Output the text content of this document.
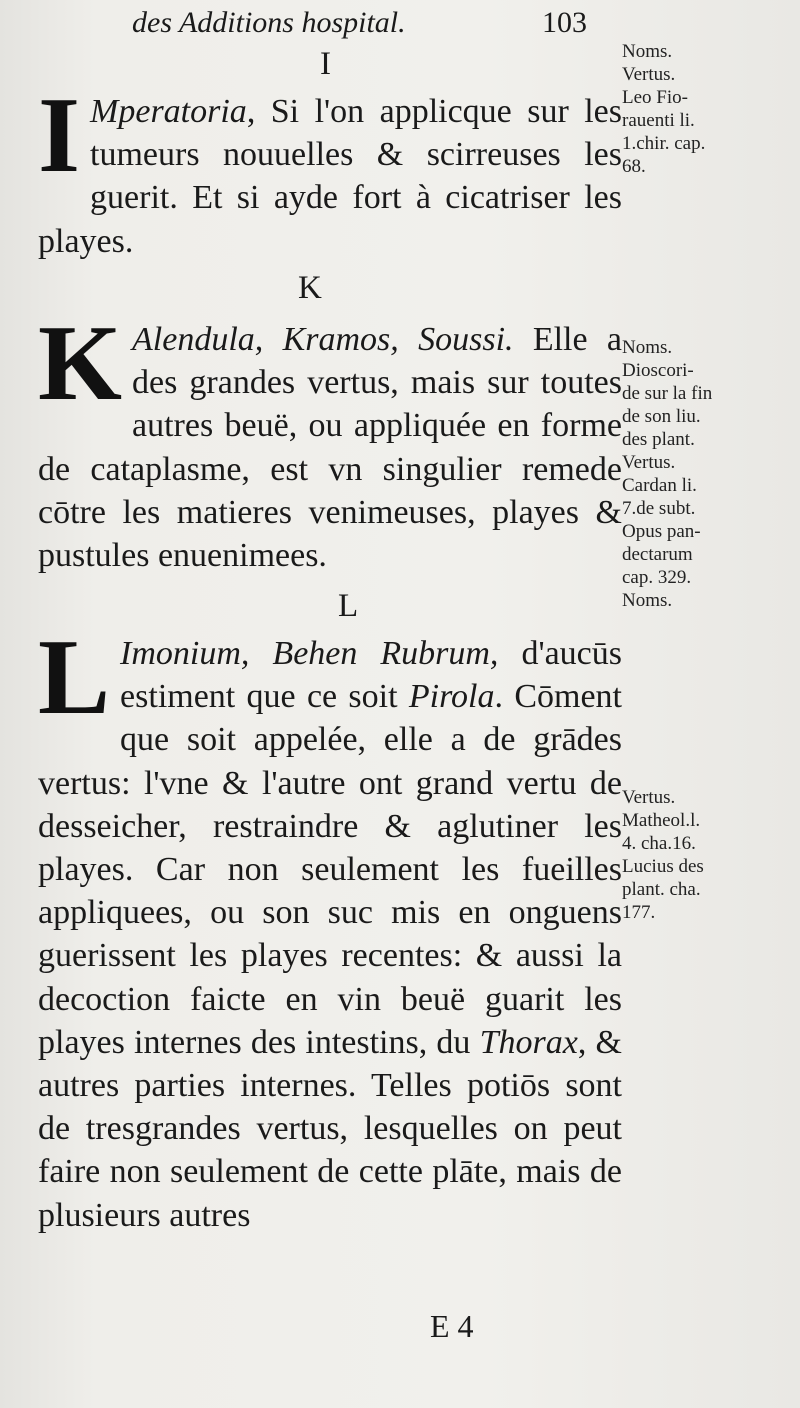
des Additions hospital.	103
I

I Mperatoria, Si l'on applicque sur les tumeurs nouuelles & scirreuses les guerit. Et si ayde fort à cicatriser les playes.

K

K Alendula, Kramos, Soussi. Elle a des grandes vertus, mais sur toutes autres beuë, ou appliquée en forme de cataplasme, est vn singulier remede cōtre les matieres venimeuses, playes & pustules enuenimees.

L

L Imonium, Behen Rubrum, d'aucūs estiment que ce soit Pirola. Cōment que soit appelée, elle a de grādes vertus: l'vne & l'autre ont grand vertu de desseicher, restraindre & aglutiner les playes. Car non seulement les fueilles appliquees, ou son suc mis en onguens guerissent les playes recentes: & aussi la decoction faicte en vin beuë guarit les playes internes des intestins, du Thorax, & autres parties internes. Telles potiōs sont de tresgrandes vertus, lesquelles on peut faire non seulement de cette plāte, mais de plusieurs autres

Noms.
Vertus.
Leo Fio-
rauenti li.
1.chir. cap.
68.
Noms.
Dioscori-
de sur la fin
de son liu.
des plant.
Vertus.
Cardan li.
7.de subt.
Opus pan-
dectarum
cap. 329.
Noms.
Vertus.
Matheol.l.
4. cha.16.
Lucius des
plant. cha.
177.
E 4
